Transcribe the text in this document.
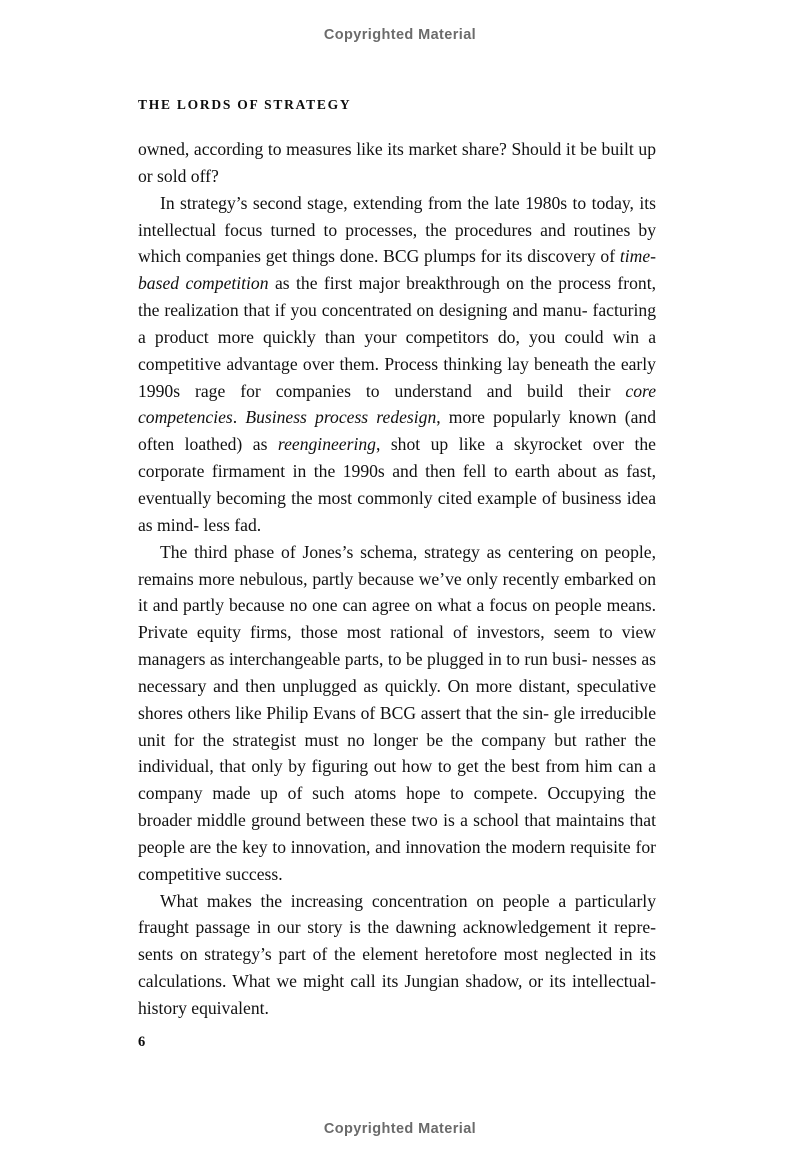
Copyrighted Material
THE LORDS OF STRATEGY

owned, according to measures like its market share? Should it be built up or sold off?

In strategy’s second stage, extending from the late 1980s to today, its intellectual focus turned to processes, the procedures and routines by which companies get things done. BCG plumps for its discovery of time-based competition as the first major breakthrough on the process front, the realization that if you concentrated on designing and manu- facturing a product more quickly than your competitors do, you could win a competitive advantage over them. Process thinking lay beneath the early 1990s rage for companies to understand and build their core competencies. Business process redesign, more popularly known (and often loathed) as reengineering, shot up like a skyrocket over the corporate firmament in the 1990s and then fell to earth about as fast, eventually becoming the most commonly cited example of business idea as mind- less fad.

The third phase of Jones’s schema, strategy as centering on people, remains more nebulous, partly because we’ve only recently embarked on it and partly because no one can agree on what a focus on people means. Private equity firms, those most rational of investors, seem to view managers as interchangeable parts, to be plugged in to run busi- nesses as necessary and then unplugged as quickly. On more distant, speculative shores others like Philip Evans of BCG assert that the sin- gle irreducible unit for the strategist must no longer be the company but rather the individual, that only by figuring out how to get the best from him can a company made up of such atoms hope to compete. Occupying the broader middle ground between these two is a school that maintains that people are the key to innovation, and innovation the modern requisite for competitive success.

What makes the increasing concentration on people a particularly fraught passage in our story is the dawning acknowledgement it repre- sents on strategy’s part of the element heretofore most neglected in its calculations. What we might call its Jungian shadow, or its intellectual- history equivalent.

6
Copyrighted Material
